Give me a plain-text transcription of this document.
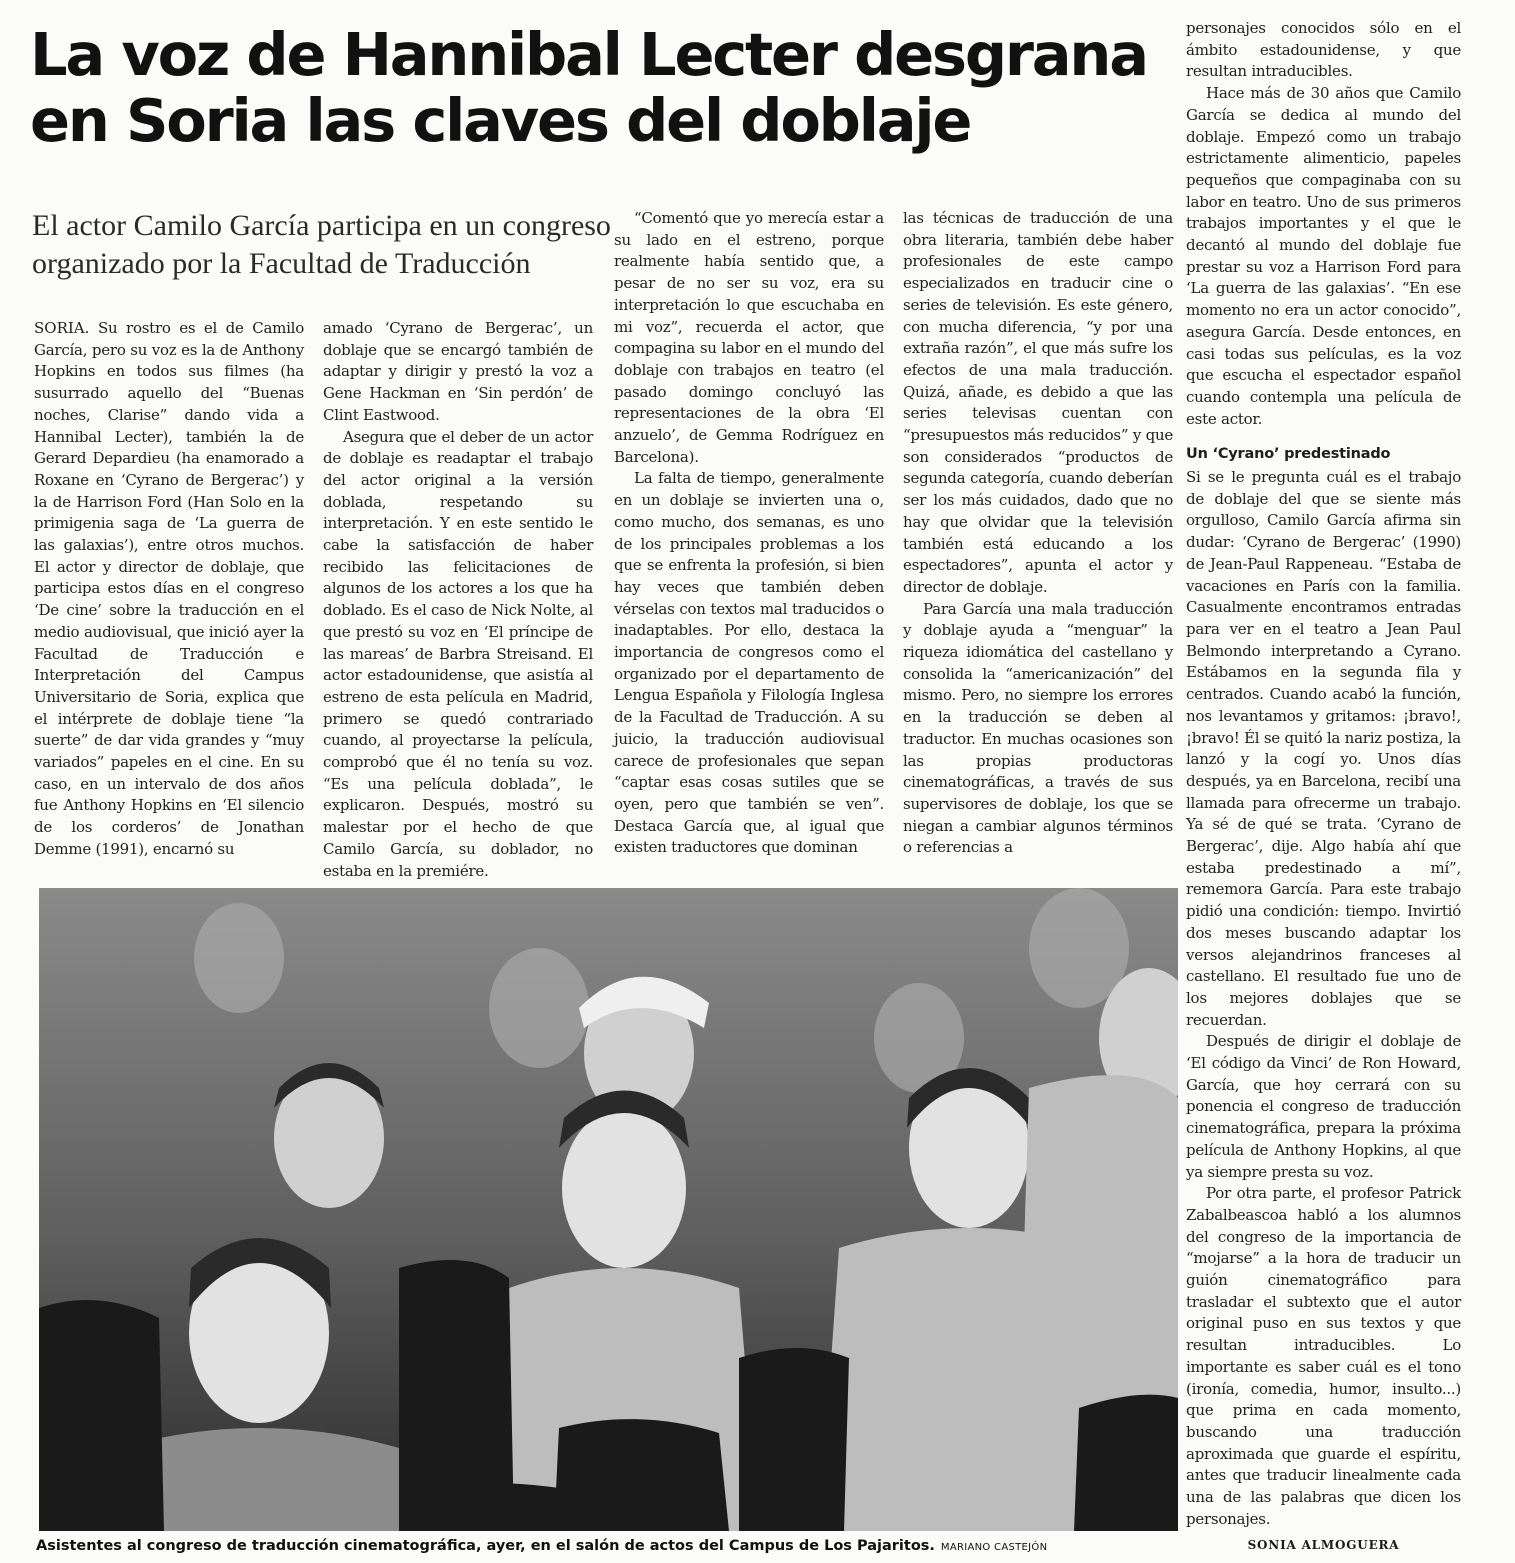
La voz de Hannibal Lecter desgrana
en Soria las claves del doblaje
El actor Camilo García participa en un congreso
organizado por la Facultad de Traducción

SORIA. Su rostro es el de Camilo García, pero su voz es la de Anthony Hopkins en todos sus filmes (ha susurrado aquello del “Buenas noches, Clarise” dando vida a Hannibal Lecter), también la de Gerard Depardieu (ha enamorado a Roxane en ‘Cyrano de Bergerac’) y la de Harrison Ford (Han Solo en la primigenia saga de ‘La guerra de las galaxias’), entre otros muchos. El actor y director de doblaje, que participa estos días en el congreso ‘De cine’ sobre la traducción en el medio audiovisual, que inició ayer la Facultad de Traducción e Interpretación del Campus Universitario de Soria, explica que el intérprete de doblaje tiene “la suerte” de dar vida grandes y “muy variados” papeles en el cine. En su caso, en un intervalo de dos años fue Anthony Hopkins en ‘El silencio de los corderos’ de Jonathan Demme (1991), encarnó su

amado ‘Cyrano de Bergerac’, un doblaje que se encargó también de adaptar y dirigir y prestó la voz a Gene Hackman en ‘Sin perdón’ de Clint Eastwood.

Asegura que el deber de un actor de doblaje es readaptar el trabajo del actor original a la versión doblada, respetando su interpretación. Y en este sentido le cabe la satisfacción de haber recibido las felicitaciones de algunos de los actores a los que ha doblado. Es el caso de Nick Nolte, al que prestó su voz en ‘El príncipe de las mareas’ de Barbra Streisand. El actor estadounidense, que asistía al estreno de esta película en Madrid, primero se quedó contrariado cuando, al proyectarse la película, comprobó que él no tenía su voz. “Es una película doblada”, le explicaron. Después, mostró su malestar por el hecho de que Camilo García, su doblador, no estaba en la premiére.

“Comentó que yo merecía estar a su lado en el estreno, porque realmente había sentido que, a pesar de no ser su voz, era su interpretación lo que escuchaba en mi voz”, recuerda el actor, que compagina su labor en el mundo del doblaje con trabajos en teatro (el pasado domingo concluyó las representaciones de la obra ‘El anzuelo’, de Gemma Rodríguez en Barcelona).

La falta de tiempo, generalmente en un doblaje se invierten una o, como mucho, dos semanas, es uno de los principales problemas a los que se enfrenta la profesión, si bien hay veces que también deben vérselas con textos mal traducidos o inadaptables. Por ello, destaca la importancia de congresos como el organizado por el departamento de Lengua Española y Filología Inglesa de la Facultad de Traducción. A su juicio, la traducción audiovisual carece de profesionales que sepan “captar esas cosas sutiles que se oyen, pero que también se ven”. Destaca García que, al igual que existen traductores que dominan

las técnicas de traducción de una obra literaria, también debe haber profesionales de este campo especializados en traducir cine o series de televisión. Es este género, con mucha diferencia, “y por una extraña razón”, el que más sufre los efectos de una mala traducción. Quizá, añade, es debido a que las series televisas cuentan con “presupuestos más reducidos” y que son considerados “productos de segunda categoría, cuando deberían ser los más cuidados, dado que no hay que olvidar que la televisión también está educando a los espectadores”, apunta el actor y director de doblaje.

Para García una mala traducción y doblaje ayuda a “menguar” la riqueza idiomática del castellano y consolida la “americanización” del mismo. Pero, no siempre los errores en la traducción se deben al traductor. En muchas ocasiones son las propias productoras cinematográficas, a través de sus supervisores de doblaje, los que se niegan a cambiar algunos términos o referencias a

personajes conocidos sólo en el ámbito estadounidense, y que resultan intraducibles.

Hace más de 30 años que Camilo García se dedica al mundo del doblaje. Empezó como un trabajo estrictamente alimenticio, papeles pequeños que compaginaba con su labor en teatro. Uno de sus primeros trabajos importantes y el que le decantó al mundo del doblaje fue prestar su voz a Harrison Ford para ‘La guerra de las galaxias’. “En ese momento no era un actor conocido”, asegura García. Desde entonces, en casi todas sus películas, es la voz que escucha el espectador español cuando contempla una película de este actor.

Un ‘Cyrano’ predestinado

Si se le pregunta cuál es el trabajo de doblaje del que se siente más orgulloso, Camilo García afirma sin dudar: ‘Cyrano de Bergerac’ (1990) de Jean-Paul Rappeneau. “Estaba de vacaciones en París con la familia. Casualmente encontramos entradas para ver en el teatro a Jean Paul Belmondo interpretando a Cyrano. Estábamos en la segunda fila y centrados. Cuando acabó la función, nos levantamos y gritamos: ¡bravo!, ¡bravo! Él se quitó la nariz postiza, la lanzó y la cogí yo. Unos días después, ya en Barcelona, recibí una llamada para ofrecerme un trabajo. Ya sé de qué se trata. ‘Cyrano de Bergerac’, dije. Algo había ahí que estaba predestinado a mí”, rememora García. Para este trabajo pidió una condición: tiempo. Invirtió dos meses buscando adaptar los versos alejandrinos franceses al castellano. El resultado fue uno de los mejores doblajes que se recuerdan.

Después de dirigir el doblaje de ‘El código da Vinci’ de Ron Howard, García, que hoy cerrará con su ponencia el congreso de traducción cinematográfica, prepara la próxima película de Anthony Hopkins, al que ya siempre presta su voz.

Por otra parte, el profesor Patrick Zabalbeascoa habló a los alumnos del congreso de la importancia de “mojarse” a la hora de traducir un guión cinematográfico para trasladar el subtexto que el autor original puso en sus textos y que resultan intraducibles. Lo importante es saber cuál es el tono (ironía, comedia, humor, insulto...) que prima en cada momento, buscando una traducción aproximada que guarde el espíritu, antes que traducir linealmente cada una de las palabras que dicen los personajes.

Asistentes al congreso de traducción cinematográfica, ayer, en el salón de actos del Campus de Los Pajaritos. MARIANO CASTEJÓN	SONIA ALMOGUERA
